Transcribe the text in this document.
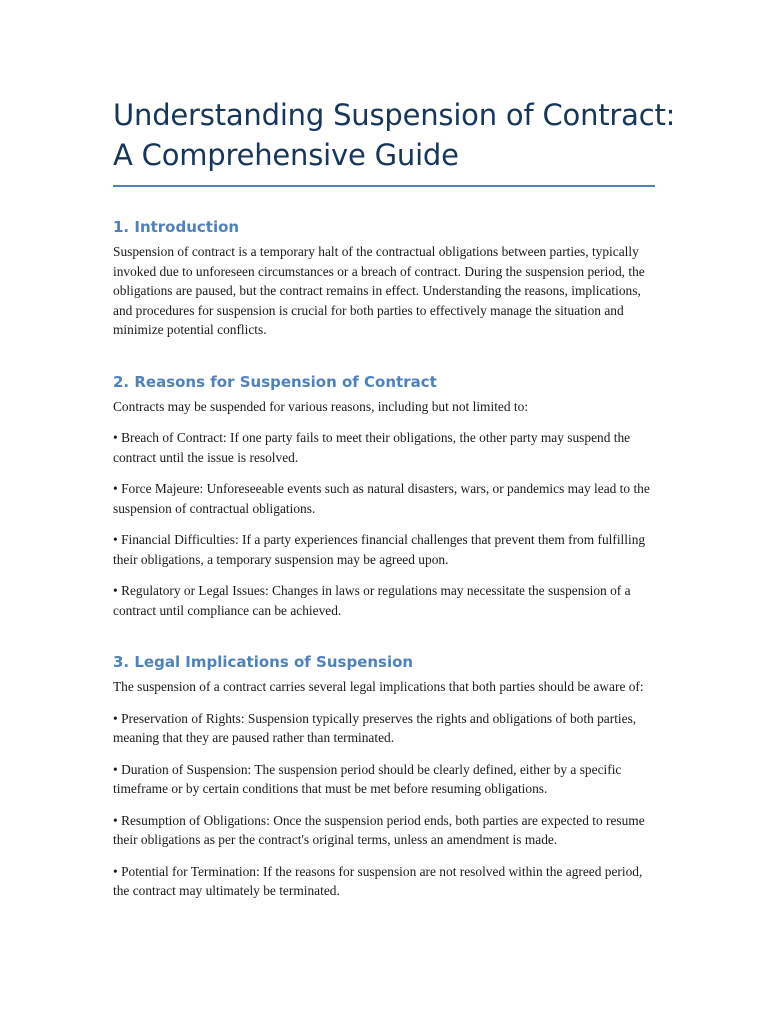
Understanding Suspension of Contract:
A Comprehensive Guide
1. Introduction

Suspension of contract is a temporary halt of the contractual obligations between parties, typically invoked due to unforeseen circumstances or a breach of contract. During the suspension period, the obligations are paused, but the contract remains in effect. Understanding the reasons, implications, and procedures for suspension is crucial for both parties to effectively manage the situation and minimize potential conflicts.

2. Reasons for Suspension of Contract

Contracts may be suspended for various reasons, including but not limited to:

• Breach of Contract: If one party fails to meet their obligations, the other party may suspend the contract until the issue is resolved.

• Force Majeure: Unforeseeable events such as natural disasters, wars, or pandemics may lead to the suspension of contractual obligations.

• Financial Difficulties: If a party experiences financial challenges that prevent them from fulfilling their obligations, a temporary suspension may be agreed upon.

• Regulatory or Legal Issues: Changes in laws or regulations may necessitate the suspension of a contract until compliance can be achieved.

3. Legal Implications of Suspension

The suspension of a contract carries several legal implications that both parties should be aware of:

• Preservation of Rights: Suspension typically preserves the rights and obligations of both parties, meaning that they are paused rather than terminated.

• Duration of Suspension: The suspension period should be clearly defined, either by a specific timeframe or by certain conditions that must be met before resuming obligations.

• Resumption of Obligations: Once the suspension period ends, both parties are expected to resume their obligations as per the contract's original terms, unless an amendment is made.

• Potential for Termination: If the reasons for suspension are not resolved within the agreed period, the contract may ultimately be terminated.
